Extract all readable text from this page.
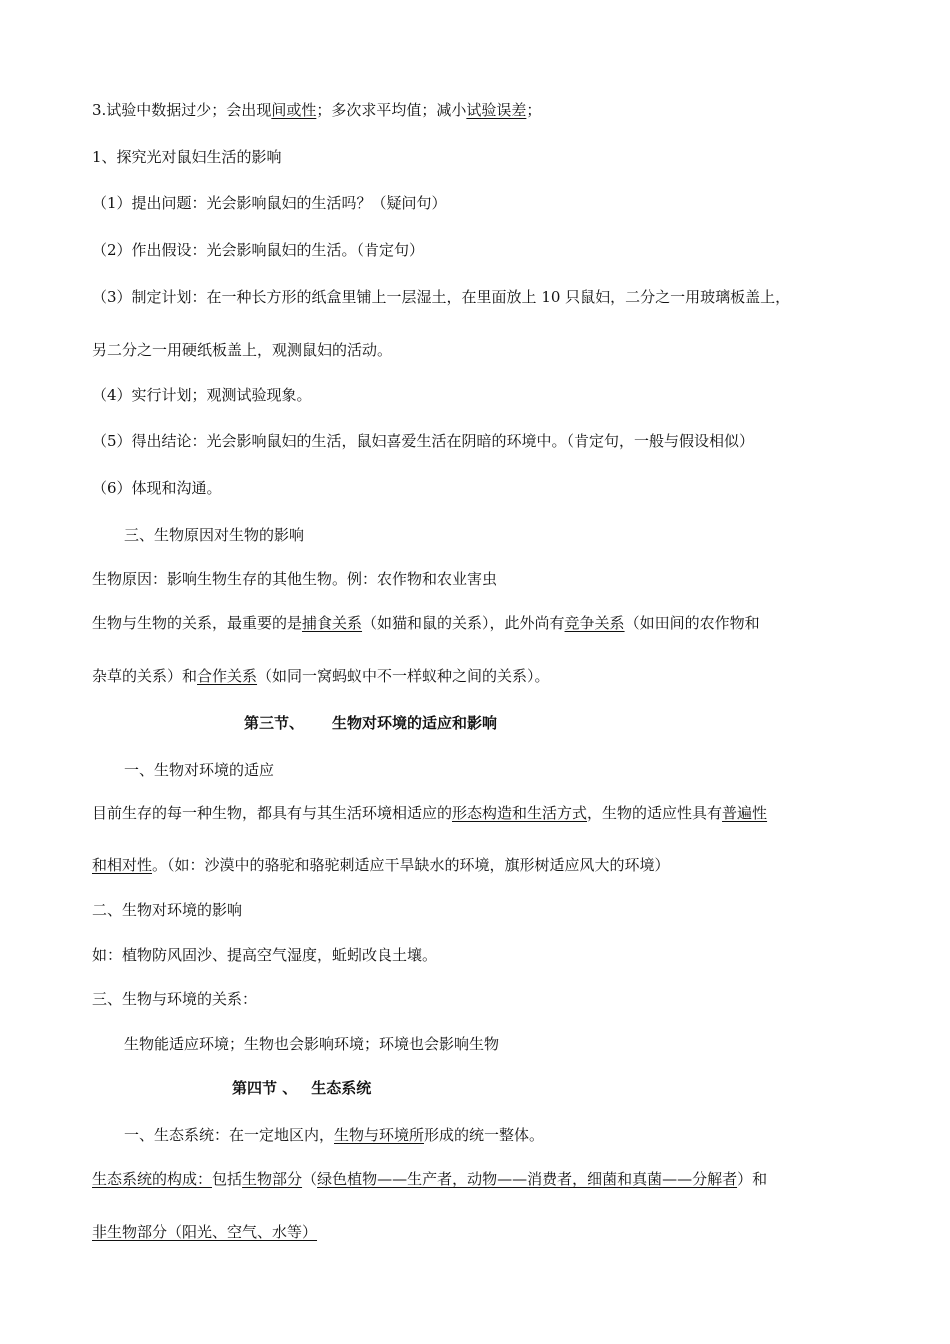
3.试验中数据过少；会出现间或性；多次求平均值；减小试验误差；
1、探究光对鼠妇生活的影响
（1）提出问题：光会影响鼠妇的生活吗？（疑问句）
（2）作出假设：光会影响鼠妇的生活。（肯定句）
（3）制定计划：在一种长方形的纸盒里铺上一层湿土，在里面放上 10 只鼠妇，二分之一用玻璃板盖上，
另二分之一用硬纸板盖上，观测鼠妇的活动。
（4）实行计划；观测试验现象。
（5）得出结论：光会影响鼠妇的生活，鼠妇喜爱生活在阴暗的环境中。（肯定句，一般与假设相似）
（6）体现和沟通。
三、生物原因对生物的影响
生物原因：影响生物生存的其他生物。例：农作物和农业害虫
生物与生物的关系，最重要的是捕食关系（如猫和鼠的关系），此外尚有竞争关系（如田间的农作物和
杂草的关系）和合作关系（如同一窝蚂蚁中不一样蚁种之间的关系）。
第三节、 生物对环境的适应和影响
一、生物对环境的适应
目前生存的每一种生物，都具有与其生活环境相适应的形态构造和生活方式，生物的适应性具有普遍性
和相对性。（如：沙漠中的骆驼和骆驼刺适应干旱缺水的环境，旗形树适应风大的环境）
二、生物对环境的影响
如：植物防风固沙、提高空气湿度，蚯蚓改良土壤。
三、生物与环境的关系：
生物能适应环境；生物也会影响环境；环境也会影响生物
第四节 、 生态系统
一、生态系统：在一定地区内，生物与环境所形成的统一整体。
生态系统的构成：包括生物部分（绿色植物——生产者，动物——消费者，细菌和真菌——分解者）和
非生物部分（阳光、空气、水等）
